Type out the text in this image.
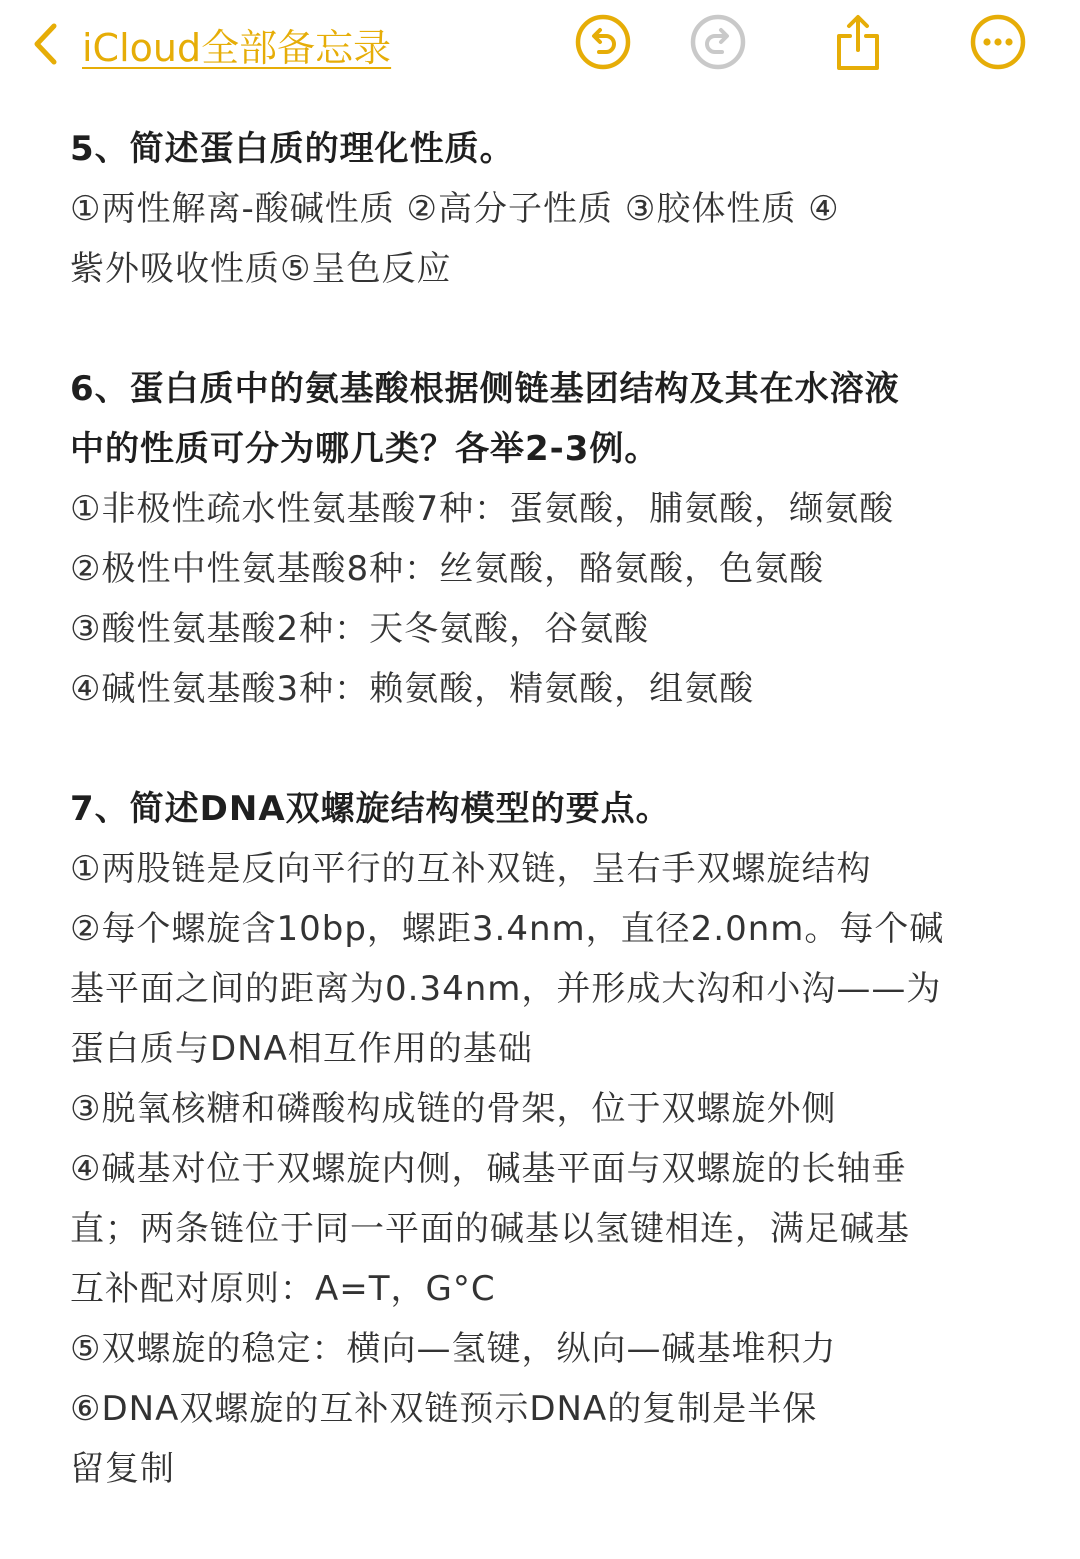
iCloud全部备忘录
5、简述蛋白质的理化性质。
①两性解离-酸碱性质 ②高分子性质 ③胶体性质 ④
紫外吸收性质⑤呈色反应
6、蛋白质中的氨基酸根据侧链基团结构及其在水溶液
中的性质可分为哪几类？各举2-3例。
①非极性疏水性氨基酸7种：蛋氨酸，脯氨酸，缬氨酸
②极性中性氨基酸8种：丝氨酸，酪氨酸，色氨酸
③酸性氨基酸2种：天冬氨酸，谷氨酸
④碱性氨基酸3种：赖氨酸，精氨酸，组氨酸
7、简述DNA双螺旋结构模型的要点。
①两股链是反向平行的互补双链，呈右手双螺旋结构
②每个螺旋含10bp，螺距3.4nm，直径2.0nm。每个碱
基平面之间的距离为0.34nm，并形成大沟和小沟——为
蛋白质与DNA相互作用的基础
③脱氧核糖和磷酸构成链的骨架，位于双螺旋外侧
④碱基对位于双螺旋内侧，碱基平面与双螺旋的长轴垂
直；两条链位于同一平面的碱基以氢键相连，满足碱基
互补配对原则：A=T，G°C
⑤双螺旋的稳定：横向—氢键，纵向—碱基堆积力
⑥DNA双螺旋的互补双链预示DNA的复制是半保
留复制
